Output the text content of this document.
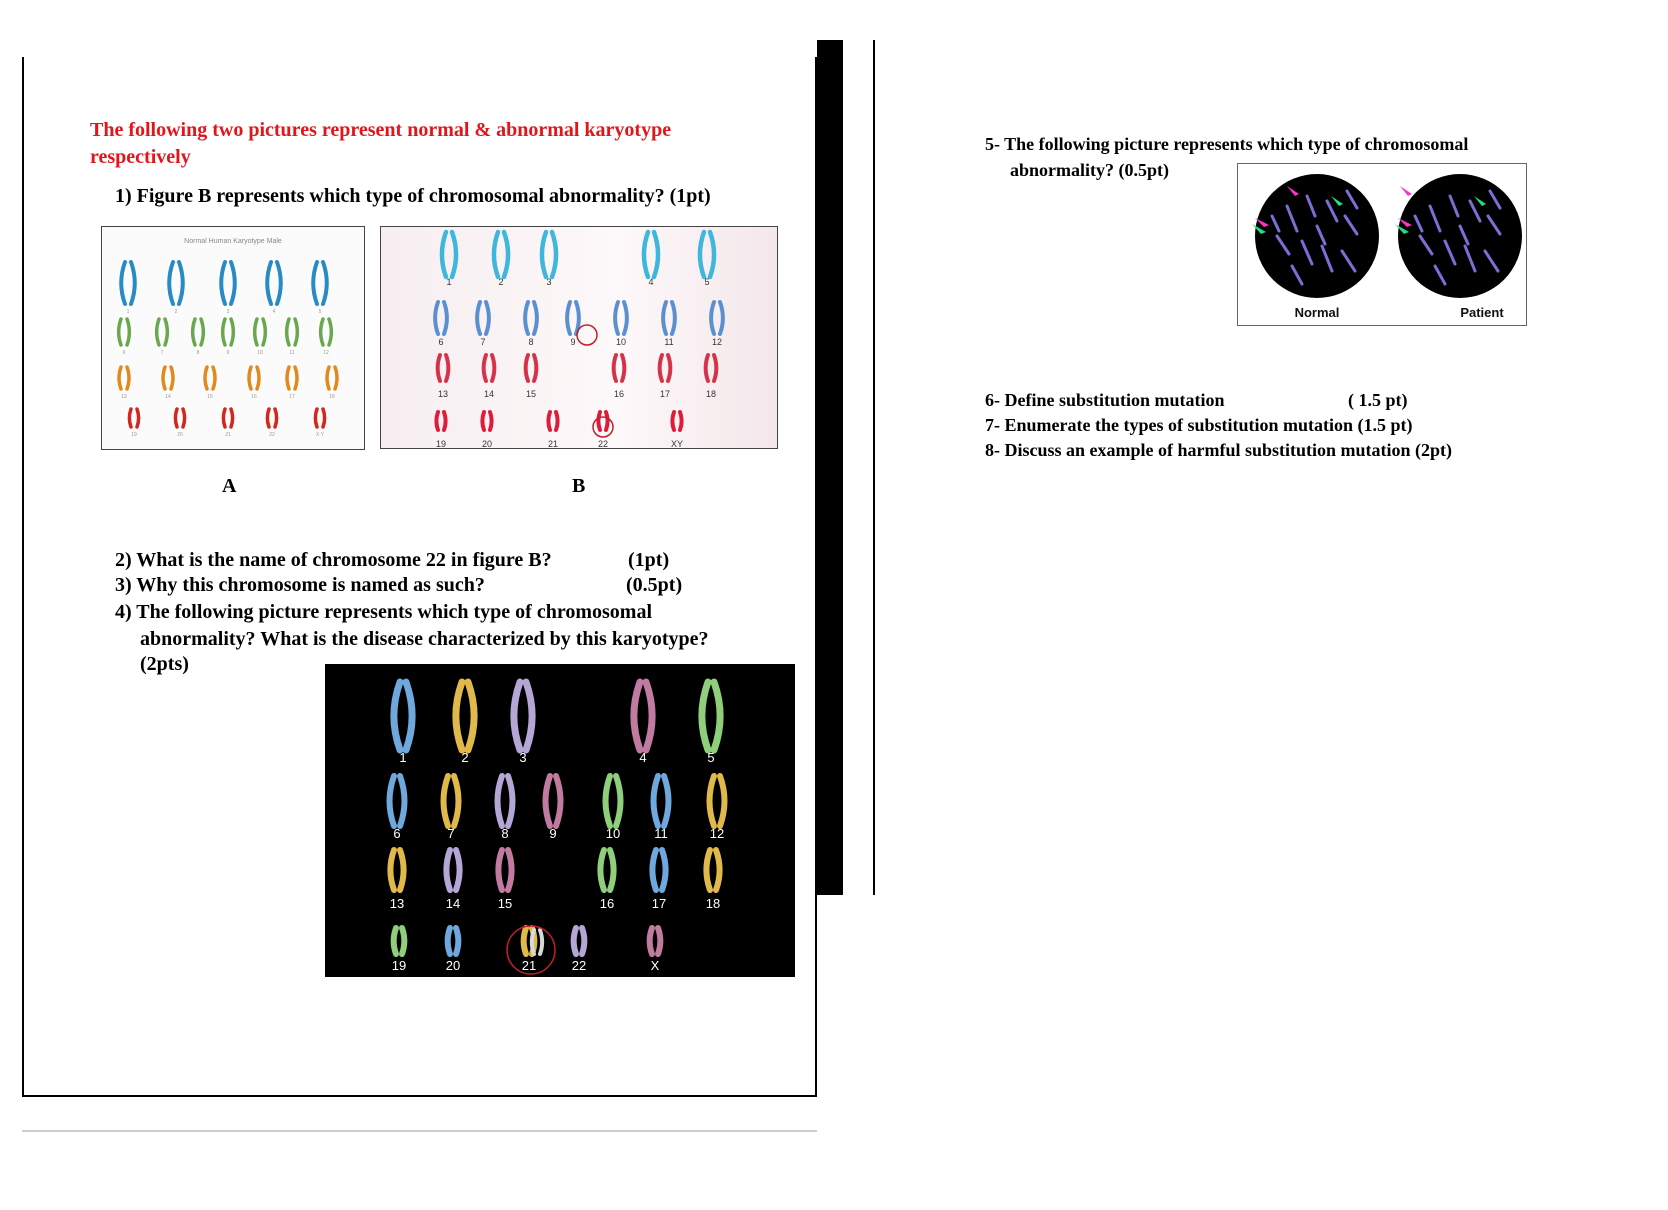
The following two pictures represent normal & abnormal karyotype
respectively
1) Figure B represents which type of chromosomal abnormality? (1pt)
Normal Human Karyotype Male
1	2	3	4	5
6	7	8	9	10	11	12
13	14	15	16	17	18
19	20	21	22	X Y
A
1	2	3	4	5
6	7	8	9	10	11	12
13	14	15	16	17	18
19	20	21	22	XY
B
2) What is the name of chromosome 22 in figure B?	(1pt)
3) Why this chromosome is named as such?	(0.5pt)
4) The following picture represents which type of chromosomal
abnormality? What is the disease characterized by this karyotype?
(2pts)
1	2	3	4	5
6	7	8	9	10	11	12
13	14	15	16	17	18
19	20	21	22	X
5- The following picture represents which type of chromosomal
abnormality? (0.5pt)
Normal	Patient
6- Define substitution mutation	( 1.5 pt)
7- Enumerate the types of substitution mutation (1.5 pt)
8- Discuss an example of harmful substitution mutation (2pt)
